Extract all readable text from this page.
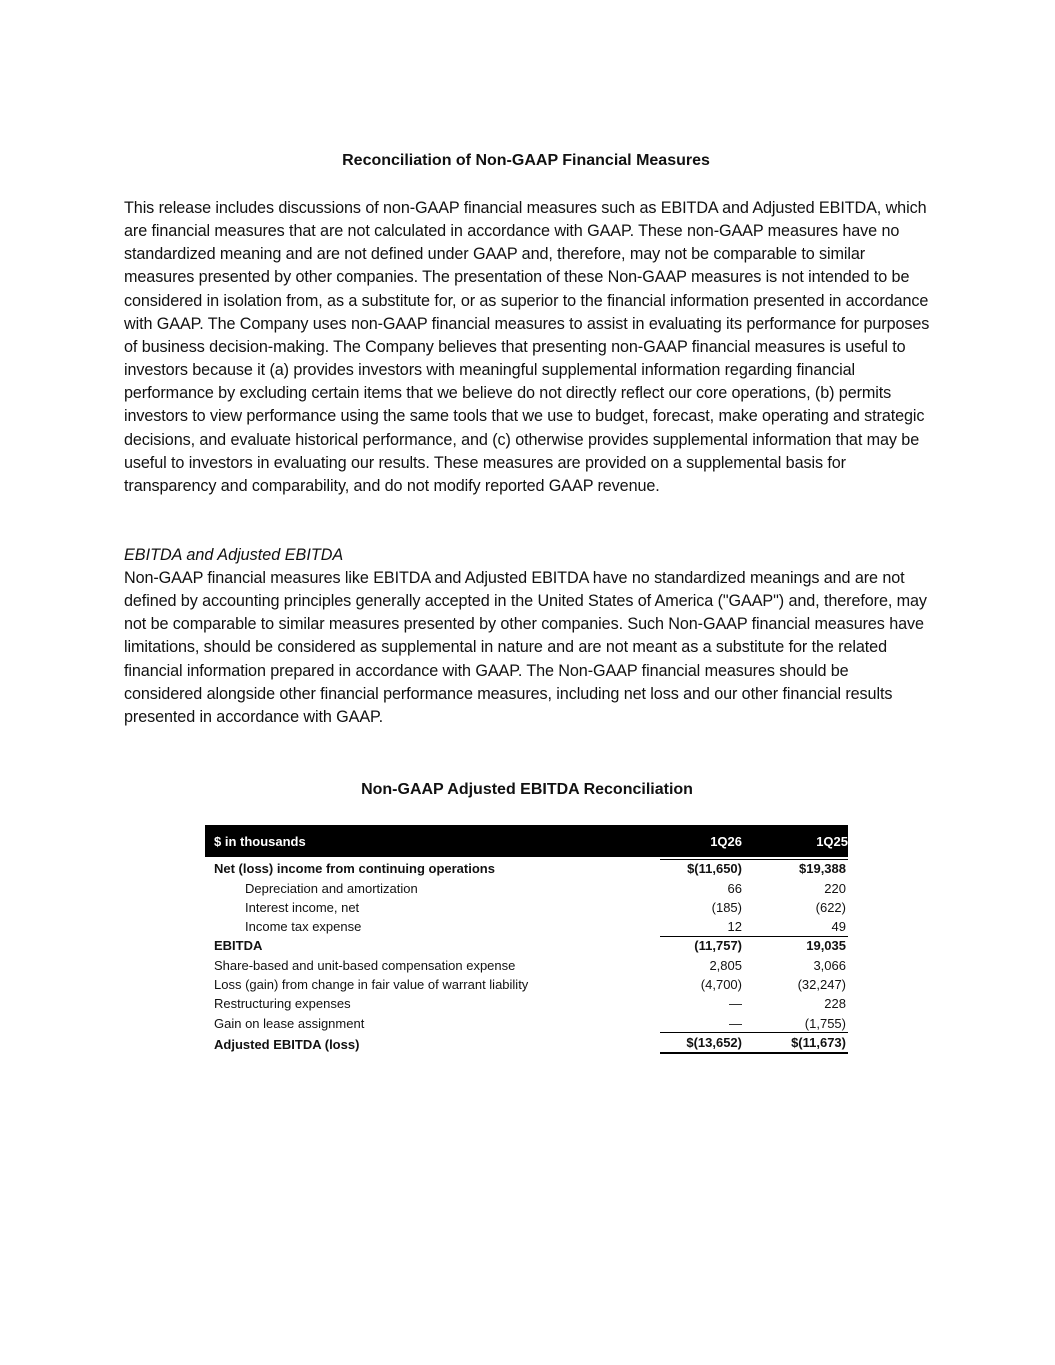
Reconciliation of Non-GAAP Financial Measures

This release includes discussions of non-GAAP financial measures such as EBITDA and Adjusted EBITDA, which are financial measures that are not calculated in accordance with GAAP. These non-GAAP measures have no standardized meaning and are not defined under GAAP and, therefore, may not be comparable to similar measures presented by other companies. The presentation of these Non-GAAP measures is not intended to be considered in isolation from, as a substitute for, or as superior to the financial information presented in accordance with GAAP. The Company uses non-GAAP financial measures to assist in evaluating its performance for purposes of business decision-making. The Company believes that presenting non-GAAP financial measures is useful to investors because it (a) provides investors with meaningful supplemental information regarding financial performance by excluding certain items that we believe do not directly reflect our core operations, (b) permits investors to view performance using the same tools that we use to budget, forecast, make operating and strategic decisions, and evaluate historical performance, and (c) otherwise provides supplemental information that may be useful to investors in evaluating our results. These measures are provided on a supplemental basis for transparency and comparability, and do not modify reported GAAP revenue.

EBITDA and Adjusted EBITDA

Non-GAAP financial measures like EBITDA and Adjusted EBITDA have no standardized meanings and are not defined by accounting principles generally accepted in the United States of America ("GAAP") and, therefore, may not be comparable to similar measures presented by other companies. Such Non-GAAP financial measures have limitations, should be considered as supplemental in nature and are not meant as a substitute for the related financial information prepared in accordance with GAAP. The Non-GAAP financial measures should be considered alongside other financial performance measures, including net loss and our other financial results presented in accordance with GAAP.

Non-GAAP Adjusted EBITDA Reconciliation
$ in thousands	1Q26	1Q25
Net (loss) income from continuing operations	$(11,650)	$19,388
Depreciation and amortization	66	220
Interest income, net	(185)	(622)
Income tax expense	12	49
EBITDA	(11,757)	19,035
Share-based and unit-based compensation expense	2,805	3,066
Loss (gain) from change in fair value of warrant liability	(4,700)	(32,247)
Restructuring expenses	—	228
Gain on lease assignment	—	(1,755)
Adjusted EBITDA (loss)	$(13,652)	$(11,673)
